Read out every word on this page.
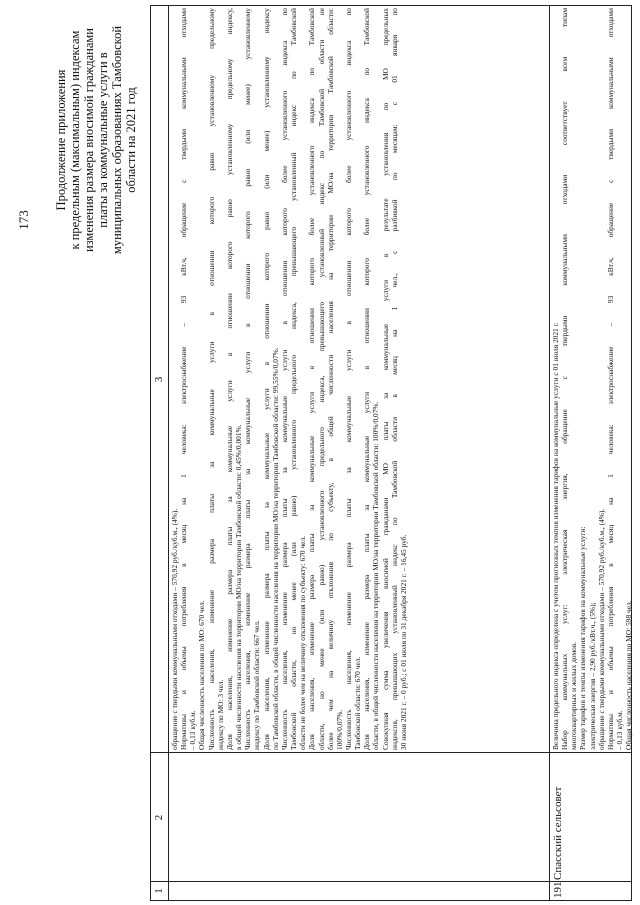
173
Продолжение приложения к предельным (максимальным) индексам изменения размера вносимой гражданами платы за коммунальные услуги в муниципальных образованиях Тамбовской области на 2021 год
1
2
3
обращение с твердыми коммунальными отходами – 570,92 руб./куб.м., (4%). Нормативы и объемы потребления в месяц на 1 человека: электроснабжение – 93 кВт.ч, обращение с твердыми коммунальными отходами – 0,13 куб.м. Общая численность населения по МО: 670 чел. Численность населения, изменение размера платы за коммунальные услуги в отношении которого равно установленному предельному индексу по МО: 3 чел. Доля населения, изменение размера платы за коммунальные услуги в отношении которого равно установленному предельному индексу, в общей численности населения на территории МО/на территории Тамбовской области: 0,45%/0,001%. Численность населения, изменение размера платы за коммунальные услуги в отношении которого равно (или менее) установленному индексу по Тамбовской области: 667 чел. Доля населения, изменение размера платы за коммунальные услуги в отношении которого равно (или менее) установленному индексу по Тамбовской области, в общей численности населения на территории МО/на территории Тамбовской области: 99,55%/0,07%. Численность населения, изменение размера платы за коммунальные услуги в отношении которого более установленного индекса по Тамбовской области, но менее (или равно) установленного предельного индекса, превышающего установленный индекс по Тамбовской области не более чем на величину отклонения по субъекту: 670 чел. Доля населения, изменение размера платы за коммунальные услуги в отношении которого более установленного индекса по Тамбовской области, но менее (или равно) установленного предельного индекса, превышающего установленный индекс по Тамбовской области не более чем на величину отклонения по субъекту, в общей численности населения на территории МО/на территории Тамбовской области: 100%/0,07%. Численность населения, изменение размера платы за коммунальные услуги в отношении которого более установленного индекса по Тамбовской области: 670 чел. Доля населения, изменение размера платы за коммунальные услуги в отношении которого более установленного индекса по Тамбовской области, в общей численности населения на территории МО/на территории Тамбовской области: 100%/0,07%. Совокупная сумма увеличения вносимой гражданами МО платы за коммунальные услуги в результате установления по МО предельных индексов, превышающих установленный индекс по Тамбовской области в месяц на 1 чел., с разбивкой по месяцам: с 01 января по 30 июня 2021 г. – 0 руб.; с 01 июля по 31 декабря 2021 г. – 16,45 руб.
191
Спасский сельсовет
Величина предельного индекса определена с учетом прогнозных темпов изменения тарифов на коммунальные услуги с 01 июля 2021 г. Набор коммунальных услуг: электрическая энергия, обращение с твердыми коммунальными отходами соответствует всем типам многоквартирных и жилых домов. Размер тарифов и темпы изменения тарифов на коммунальные услуги: электрическая энергия – 2,90 руб./кВт.ч., (5%); обращение с твердыми коммунальными отходами – 570,92 руб./куб.м., (4%). Нормативы и объемы потребления в месяц на 1 человека: электроснабжение – 93 кВт.ч, обращение с твердыми коммунальными отходами – 0,13 куб.м. Общая численность населения по МО: 598 чел.
